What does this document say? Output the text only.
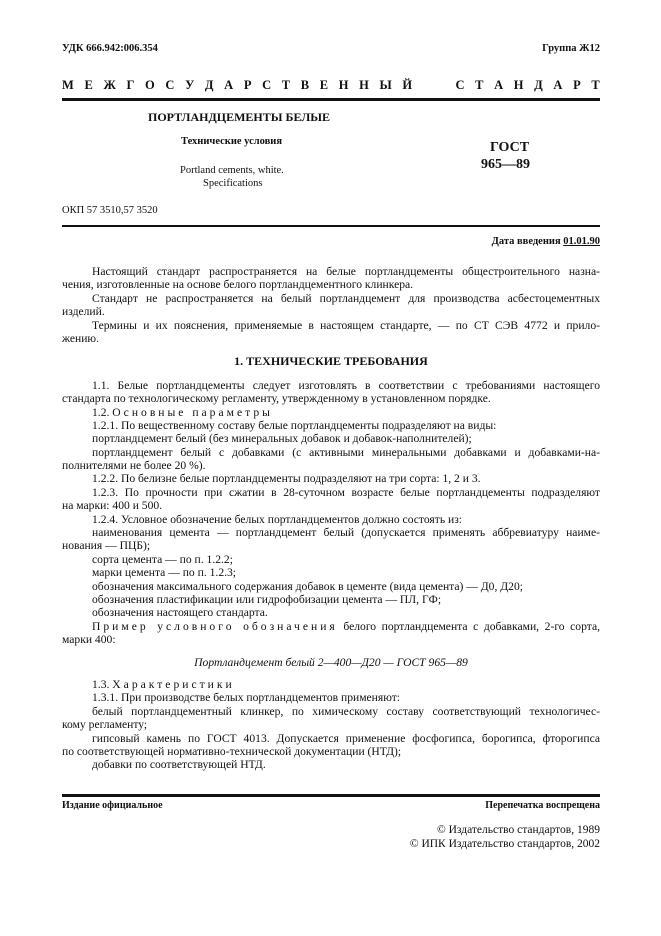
УДК 666.942:006.354	Группа Ж12
М Е Ж Г О С У Д А Р С Т В Е Н Н Ы Й
	С Т А Н Д А Р Т
ПОРТЛАНДЦЕМЕНТЫ БЕЛЫЕ
Технические условия
Portland cements, white.
Specifications
ГОСТ
965—89
ОКП 57 3510,57 3520
Дата введения 01.01.90
Настоящий стандарт распространяется на белые портландцементы общестроительного назна-
чения, изготовленные на основе белого портландцементного клинкера.
Стандарт не распространяется на белый портландцемент для производства асбестоцементных
изделий.
Термины и их пояснения, применяемые в настоящем стандарте, — по СТ СЭВ 4772 и прило-
жению.
1. ТЕХНИЧЕСКИЕ ТРЕБОВАНИЯ
1.1. Белые портландцементы следует изготовлять в соответствии с требованиями настоящего
стандарта по технологическому регламенту, утвержденному в установленном порядке.
1.2. Основные параметры
1.2.1. По вещественному составу белые портландцементы подразделяют на виды:
портландцемент белый (без минеральных добавок и добавок-наполнителей);
портландцемент белый с добавками (с активными минеральными добавками и добавками-на-
полнителями не более 20 %).
1.2.2. По белизне белые портландцементы подразделяют на три сорта: 1, 2 и 3.
1.2.3. По прочности при сжатии в 28-суточном возрасте белые портландцементы подразделяют
на марки: 400 и 500.
1.2.4. Условное обозначение белых портландцементов должно состоять из:
наименования цемента — портландцемент белый (допускается применять аббревиатуру наиме-
нования — ПЦБ);
сорта цемента — по п. 1.2.2;
марки цемента — по п. 1.2.3;
обозначения максимального содержания добавок в цементе (вида цемента) — Д0, Д20;
обозначения пластификации или гидрофобизации цемента — ПЛ, ГФ;
обозначения настоящего стандарта.
Пример условного обозначения белого портландцемента с добавками, 2-го сорта,
марки 400:
Портландцемент белый 2—400—Д20 — ГОСТ 965—89
1.3. Характеристики
1.3.1. При производстве белых портландцементов применяют:
белый портландцементный клинкер, по химическому составу соответствующий технологичес-
кому регламенту;
гипсовый камень по ГОСТ 4013. Допускается применение фосфогипса, борогипса, фторогипса
по соответствующей нормативно-технической документации (НТД);
добавки по соответствующей НТД.
Издание официальное	Перепечатка воспрещена
© Издательство стандартов, 1989
© ИПК Издательство стандартов, 2002
